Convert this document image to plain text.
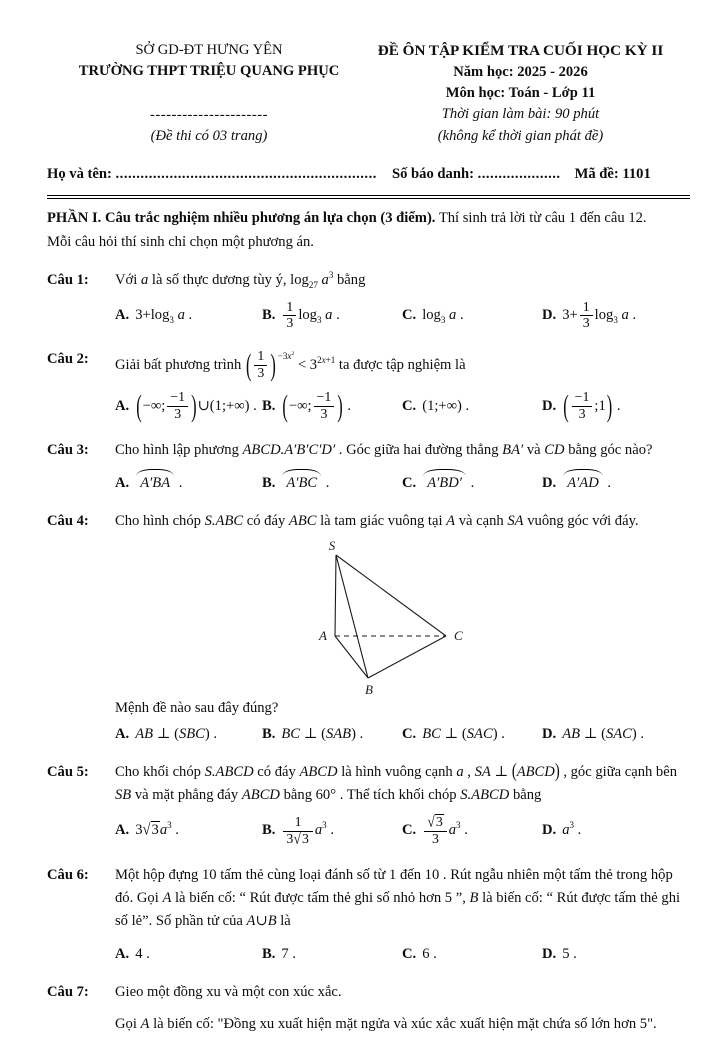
SỞ GD-ĐT HƯNG YÊN
TRƯỜNG THPT TRIỆU QUANG PHỤC
----------------------
(Đề thi có 03 trang)
ĐỀ ÔN TẬP KIỂM TRA CUỐI HỌC KỲ II
Năm học: 2025 - 2026
Môn học: Toán - Lớp 11
Thời gian làm bài: 90 phút
(không kể thời gian phát đề)
Họ và tên: ...............................................................	Số báo danh: .................... Mã đề: 1101

PHẦN I. Câu trắc nghiệm nhiều phương án lựa chọn (3 điểm). Thí sinh trả lời từ câu 1 đến câu 12.

Mỗi câu hỏi thí sinh chỉ chọn một phương án.
Câu 1:	Với a là số thực dương tùy ý, $\log_{27} a^3$ bằng
A. $3+\log_3$ a .	B. $\frac{1}{3} \log_3 a$ .	C. $\log_3 a$ .	D. $3+ \frac{1}{3} \log_3 a$ .
Câu 2:	Giải bất phương trình ( $\frac{1}{3}$ ) $^{-3x^2} < 3^{2x+1}$ ta được tập nghiệm là
A. ( −∞; $\frac{-1}{3}$ ) ∪(1;+∞) . B. ( −∞; $\frac{-1}{3}$ ) .	C. (1;+∞) .	D. ( $\frac{-1}{3}$ ;1 ) .
Câu 3:	Cho hình lập phương ABCD.A′B′C′D′ . Góc giữa hai đường thẳng BA′ và CD bằng góc nào?
A. A′BA .	B. A′BC .	C. A′BD′ .	D. A′AD .
Câu 4:	Cho hình chóp S.ABC có đáy ABC là tam giác vuông tại A và cạnh SA vuông góc với đáy.
S
A
B
C
Mệnh đề nào sau đây đúng?
A. AB ⊥ (SBC) .	B. BC ⊥ (SAB) .	C. BC ⊥ (SAC) .	D. AB ⊥ (SAC) .
Câu 5:	Cho khối chóp S.ABCD có đáy ABCD là hình vuông cạnh a , SA ⊥ ( ABCD ) , góc giữa cạnh bên SB và mặt phẳng đáy ABCD bằng 60° . Thể tích khối chóp S.ABCD bằng
A. $3√3a^3$ .	B. $\frac{1}{3√3} a^3$ .	C. $\frac{√3}{3} a^3$ .	D. $a^3$ .
Câu 6:	Một hộp đựng 10 tấm thẻ cùng loại đánh số từ 1 đến 10 . Rút ngẫu nhiên một tấm thẻ trong hộp đó. Gọi A là biến cố: “ Rút được tấm thẻ ghi số nhỏ hơn 5 ”, B là biến cố: “ Rút được tấm thẻ ghi số lẻ”. Số phần tử của A∪B là
A. 4 .	B. 7 .	C. 6 .	D. 5 .
Câu 7:	Gieo một đồng xu và một con xúc xắc.
Gọi A là biến cố: "Đồng xu xuất hiện mặt ngửa và xúc xắc xuất hiện mặt chứa số lớn hơn 5".
